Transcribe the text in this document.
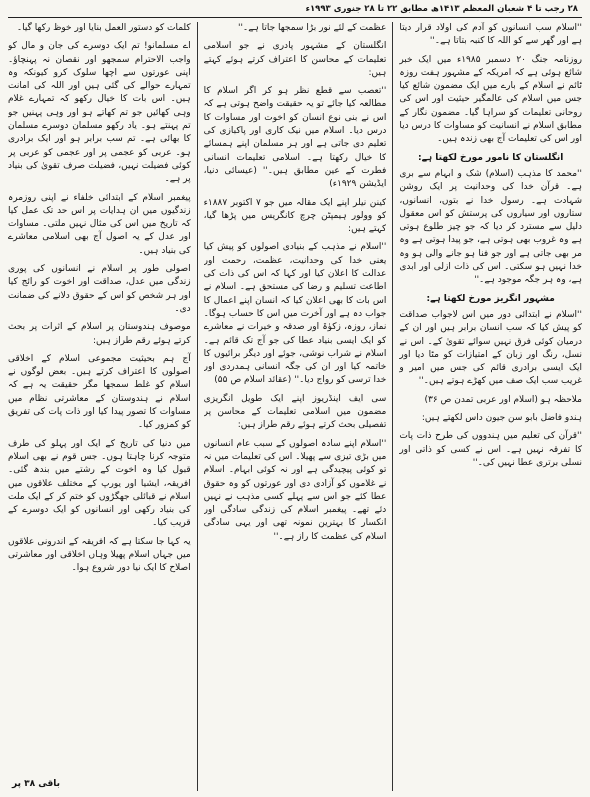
۲۸ رجب تا ۴ شعبان المعظم ۱۴۱۳ھ مطابق ۲۲ تا ۲۸ جنوری ۱۹۹۳ء

''اسلام سب انسانوں کو آدم کی اولاد قرار دیتا ہے اور گھر سے کو اللہ کا کنبہ بتاتا ہے۔''

روزنامہ جنگ ۲۰ دسمبر ۱۹۸۵ء میں ایک خبر شائع ہوئی ہے کہ امریکہ کے مشہور ہفت روزہ ٹائم نے اسلام کے بارے میں ایک مضمون شائع کیا جس میں اسلام کی عالمگیر حیثیت اور اس کی روحانی تعلیمات کو سراہا گیا۔ مضمون نگار کے مطابق اسلام نے انسانیت کو مساوات کا درس دیا اور اس کی تعلیمات آج بھی زندہ ہیں۔

انگلستان کا نامور مورخ لکھتا ہے:

''محمد کا مذہب (اسلام) شک و ابہام سے بری ہے۔ قرآن خدا کی وحدانیت پر ایک روشن شہادت ہے۔ رسول خدا نے بتوں، انسانوں، ستاروں اور سیاروں کی پرستش کو اس معقول دلیل سے مسترد کر دیا کہ جو چیز طلوع ہوتی ہے وہ غروب بھی ہوتی ہے، جو پیدا ہوتی ہے وہ مر بھی جاتی ہے اور جو فنا ہو جانے والی ہو وہ خدا نہیں ہو سکتی۔ اس کی ذات ازلی اور ابدی ہے، وہ ہر جگہ موجود ہے۔''

مشہور انگریز مورخ لکھتا ہے:

''اسلام نے ابتدائی دور میں اس لاجواب صداقت کو پیش کیا کہ سب انسان برابر ہیں اور ان کے درمیان کوئی فرق نہیں سوائے تقویٰ کے۔ اس نے نسل، رنگ اور زبان کے امتیازات کو مٹا دیا اور ایک ایسی برادری قائم کی جس میں امیر و غریب سب ایک صف میں کھڑے ہوتے ہیں۔''

ملاحظہ ہو (اسلام اور عربی تمدن ص ۳۶)

ہندو فاضل بابو سن جیون داس لکھتے ہیں:

''قرآن کی تعلیم میں ہندووں کی طرح ذات پات کا تفرقہ نہیں ہے۔ اس نے کسی کو ذاتی اور نسلی برتری عطا نہیں کی۔''

عظمت کے لئے نور بڑا سمجھا جاتا ہے۔''

انگلستان کے مشہور پادری نے جو اسلامی تعلیمات کے محاسن کا اعتراف کرتے ہوئے کہتے ہیں:

''تعصب سے قطع نظر ہو کر اگر اسلام کا مطالعہ کیا جائے تو یہ حقیقت واضح ہوتی ہے کہ اس نے بنی نوع انسان کو اخوت اور مساوات کا درس دیا۔ اسلام میں نیک کاری اور پاکبازی کی تعلیم دی جاتی ہے اور ہر مسلمان اپنے ہمسائے کا خیال رکھتا ہے۔ اسلامی تعلیمات انسانی فطرت کے عین مطابق ہیں۔'' (عیسائی دنیا، ایڈیشن ۱۹۲۹ء)

کینن نیلر اپنے ایک مقالہ میں جو ۷ اکتوبر ۱۸۸۷ء کو وولور ہیمپٹن چرچ کانگریس میں پڑھا گیا، کہتے ہیں:

''اسلام نے مذہب کے بنیادی اصولوں کو پیش کیا یعنی خدا کی وحدانیت، عظمت، رحمت اور عدالت کا اعلان کیا اور کہا کہ اس کی ذات کی اطاعت تسلیم و رضا کی مستحق ہے۔ اسلام نے اس بات کا بھی اعلان کیا کہ انسان اپنے اعمال کا جواب دہ ہے اور آخرت میں اس کا حساب ہوگا۔ نماز، روزہ، زکوٰۃ اور صدقہ و خیرات نے معاشرے کو ایک ایسی بنیاد عطا کی جو آج تک قائم ہے۔ اسلام نے شراب نوشی، جوئے اور دیگر برائیوں کا خاتمہ کیا اور ان کی جگہ انسانی ہمدردی اور خدا ترسی کو رواج دیا۔'' (عقائد اسلام ص ۵۵)

سی ایف اینڈریوز اپنے ایک طویل انگریزی مضمون میں اسلامی تعلیمات کے محاسن پر تفصیلی بحث کرتے ہوئے رقم طراز ہیں:

''اسلام اپنے سادہ اصولوں کے سبب عام انسانوں میں بڑی تیزی سے پھیلا۔ اس کی تعلیمات میں نہ تو کوئی پیچیدگی ہے اور نہ کوئی ابہام۔ اسلام نے غلاموں کو آزادی دی اور عورتوں کو وہ حقوق عطا کئے جو اس سے پہلے کسی مذہب نے نہیں دئے تھے۔ پیغمبر اسلام کی زندگی سادگی اور انکسار کا بہترین نمونہ تھی اور یہی سادگی اسلام کی عظمت کا راز ہے۔''

کلمات کو دستور العمل بنایا اور خوظ رکھا گیا۔

اے مسلمانو! تم ایک دوسرے کی جان و مال کو واجب الاحترام سمجھو اور نقصان نہ پہنچاؤ۔ اپنی عورتوں سے اچھا سلوک کرو کیونکہ وہ تمہارے حوالے کی گئی ہیں اور اللہ کی امانت ہیں۔ اس بات کا خیال رکھو کہ تمہارے غلام وہی کھائیں جو تم کھاتے ہو اور وہی پہنیں جو تم پہنتے ہو۔ یاد رکھو مسلمان دوسرے مسلمان کا بھائی ہے۔ تم سب برابر ہو اور ایک برادری ہو۔ عربی کو عجمی پر اور عجمی کو عربی پر کوئی فضیلت نہیں، فضیلت صرف تقویٰ کی بنیاد پر ہے۔

پیغمبر اسلام کے ابتدائی خلفاء نے اپنی روزمرہ زندگیوں میں ان ہدایات پر اس حد تک عمل کیا کہ تاریخ میں اس کی مثال نہیں ملتی۔ مساوات اور عدل کے یہ اصول آج بھی اسلامی معاشرے کی بنیاد ہیں۔

اصولی طور پر اسلام نے انسانوں کی پوری زندگی میں عدل، صداقت اور اخوت کو رائج کیا اور ہر شخص کو اس کے حقوق دلانے کی ضمانت دی۔

موصوف ہندوستان پر اسلام کے اثرات پر بحث کرتے ہوئے رقم طراز ہیں:

آج ہم بحیثیت مجموعی اسلام کے اخلاقی اصولوں کا اعتراف کرتے ہیں۔ بعض لوگوں نے اسلام کو غلط سمجھا مگر حقیقت یہ ہے کہ اسلام نے ہندوستان کے معاشرتی نظام میں مساوات کا تصور پیدا کیا اور ذات پات کی تفریق کو کمزور کیا۔

میں دنیا کی تاریخ کے ایک اور پہلو کی طرف متوجہ کرنا چاہتا ہوں۔ جس قوم نے بھی اسلام قبول کیا وہ اخوت کے رشتے میں بندھ گئی۔ افریقہ، ایشیا اور یورپ کے مختلف علاقوں میں اسلام نے قبائلی جھگڑوں کو ختم کر کے ایک ملت کی بنیاد رکھی اور انسانوں کو ایک دوسرے کے قریب کیا۔

یہ کہا جا سکتا ہے کہ افریقہ کے اندرونی علاقوں میں جہاں اسلام پھیلا وہاں اخلاقی اور معاشرتی اصلاح کا ایک نیا دور شروع ہوا۔

باقی ۳۸ پر
